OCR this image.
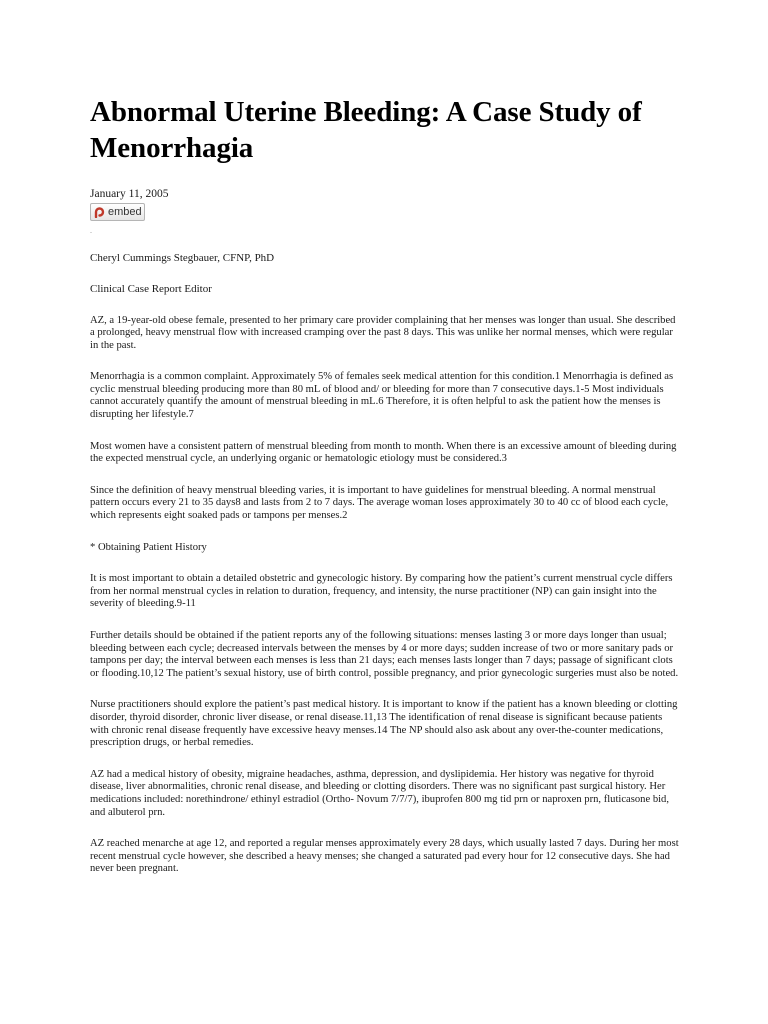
Abnormal Uterine Bleeding: A Case Study of Menorrhagia
January 11, 2005
embed
.
Cheryl Cummings Stegbauer, CFNP, PhD
Clinical Case Report Editor

AZ, a 19-year-old obese female, presented to her primary care provider complaining that her menses was longer than usual. She described a prolonged, heavy menstrual flow with increased cramping over the past 8 days. This was unlike her normal menses, which were regular in the past.

Menorrhagia is a common complaint. Approximately 5% of females seek medical attention for this condition.1 Menorrhagia is defined as cyclic menstrual bleeding producing more than 80 mL of blood and/ or bleeding for more than 7 consecutive days.1-5 Most individuals cannot accurately quantify the amount of menstrual bleeding in mL.6 Therefore, it is often helpful to ask the patient how the menses is disrupting her lifestyle.7

Most women have a consistent pattern of menstrual bleeding from month to month. When there is an excessive amount of bleeding during the expected menstrual cycle, an underlying organic or hematologic etiology must be considered.3

Since the definition of heavy menstrual bleeding varies, it is important to have guidelines for menstrual bleeding. A normal menstrual pattern occurs every 21 to 35 days8 and lasts from 2 to 7 days. The average woman loses approximately 30 to 40 cc of blood each cycle, which represents eight soaked pads or tampons per menses.2

* Obtaining Patient History

It is most important to obtain a detailed obstetric and gynecologic history. By comparing how the patient’s current menstrual cycle differs from her normal menstrual cycles in relation to duration, frequency, and intensity, the nurse practitioner (NP) can gain insight into the severity of bleeding.9-11

Further details should be obtained if the patient reports any of the following situations: menses lasting 3 or more days longer than usual; bleeding between each cycle; decreased intervals between the menses by 4 or more days; sudden increase of two or more sanitary pads or tampons per day; the interval between each menses is less than 21 days; each menses lasts longer than 7 days; passage of significant clots or flooding.10,12 The patient’s sexual history, use of birth control, possible pregnancy, and prior gynecologic surgeries must also be noted.

Nurse practitioners should explore the patient’s past medical history. It is important to know if the patient has a known bleeding or clotting disorder, thyroid disorder, chronic liver disease, or renal disease.11,13 The identification of renal disease is significant because patients with chronic renal disease frequently have excessive heavy menses.14 The NP should also ask about any over-the-counter medications, prescription drugs, or herbal remedies.

AZ had a medical history of obesity, migraine headaches, asthma, depression, and dyslipidemia. Her history was negative for thyroid disease, liver abnormalities, chronic renal disease, and bleeding or clotting disorders. There was no significant past surgical history. Her medications included: norethindrone/ ethinyl estradiol (Ortho- Novum 7/7/7), ibuprofen 800 mg tid prn or naproxen prn, fluticasone bid, and albuterol prn.

AZ reached menarche at age 12, and reported a regular menses approximately every 28 days, which usually lasted 7 days. During her most recent menstrual cycle however, she described a heavy menses; she changed a saturated pad every hour for 12 consecutive days. She had never been pregnant.
